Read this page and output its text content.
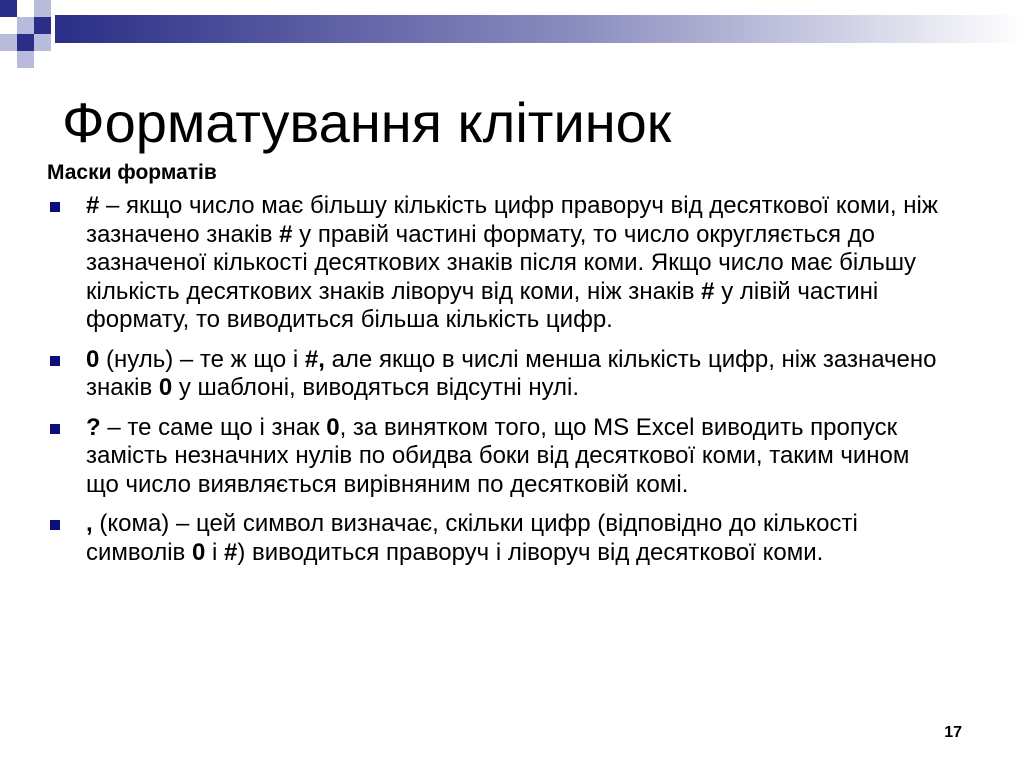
Форматування клітинок
Маски форматів
# – якщо число має більшу кількість цифр праворуч від десяткової коми, ніж зазначено знаків # у правій частині формату, то число округляється до зазначеної кількості десяткових знаків після коми. Якщо число має більшу кількість десяткових знаків ліворуч від коми, ніж знаків # у лівій частині формату, то виводиться більша кількість цифр.
0 (нуль) – те ж що і #, але якщо в числі менша кількість цифр, ніж зазначено знаків 0 у шаблоні, виводяться відсутні нулі.
? – те саме що і знак 0, за винятком того, що MS Excel виводить пропуск замість незначних нулів по обидва боки від десяткової коми, таким чином що число виявляється вирівняним по десятковій комі.
, (кома) – цей символ визначає, скільки цифр (відповідно до кількості символів 0 і #) виводиться праворуч і ліворуч від десяткової коми.
17
